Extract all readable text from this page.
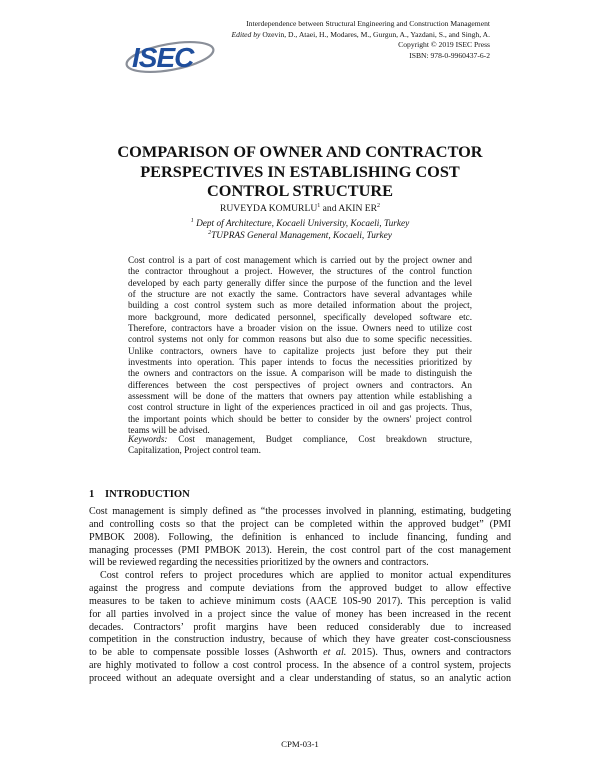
ISEC
Interdependence between Structural Engineering and Construction Management
Edited by Ozevin, D., Ataei, H., Modares, M., Gurgun, A., Yazdani, S., and Singh, A.
Copyright © 2019 ISEC Press
ISBN: 978-0-9960437-6-2
COMPARISON OF OWNER AND CONTRACTOR
PERSPECTIVES IN ESTABLISHING COST
CONTROL STRUCTURE
RUVEYDA KOMURLU$^1$ and AKIN $ER^2$
$^1$ Dept of Architecture, Kocaeli University, Kocaeli, Turkey
$^2$TUPRAS General Management, Kocaeli, Turkey
Cost control is a part of cost management which is carried out by the project owner and
the contractor throughout a project. However, the structures of the control function
developed by each party generally differ since the purpose of the function and the level
of the structure are not exactly the same. Contractors have several advantages while
building a cost control system such as more detailed information about the project,
more background, more dedicated personnel, specifically developed software etc.
Therefore, contractors have a broader vision on the issue. Owners need to utilize cost
control systems not only for common reasons but also due to some specific necessities.
Unlike contractors, owners have to capitalize projects just before they put their
investments into operation. This paper intends to focus the necessities prioritized by
the owners and contractors on the issue. A comparison will be made to distinguish the
differences between the cost perspectives of project owners and contractors. An
assessment will be done of the matters that owners pay attention while establishing a
cost control structure in light of the experiences practiced in oil and gas projects. Thus,
the important points which should be better to consider by the owners' project control
teams will be advised.
Keywords: Cost management, Budget compliance, Cost breakdown structure,
Capitalization, Project control team.
1 INTRODUCTION
Cost management is simply defined as “the processes involved in planning, estimating, budgeting
and controlling costs so that the project can be completed within the approved budget” (PMI
PMBOK 2008). Following, the definition is enhanced to include financing, funding and
managing processes (PMI PMBOK 2013). Herein, the cost control part of the cost management
will be reviewed regarding the necessities prioritized by the owners and contractors.
Cost control refers to project procedures which are applied to monitor actual expenditures
against the progress and compute deviations from the approved budget to allow effective
measures to be taken to achieve minimum costs (AACE 10S-90 2017). This perception is valid
for all parties involved in a project since the value of money has been increased in the recent
decades. Contractors’ profit margins have been reduced considerably due to increased
competition in the construction industry, because of which they have greater cost-consciousness
to be able to compensate possible losses (Ashworth et al. 2015). Thus, owners and contractors
are highly motivated to follow a cost control process. In the absence of a control system, projects
proceed without an adequate oversight and a clear understanding of status, so an analytic action
CPM-03-1
